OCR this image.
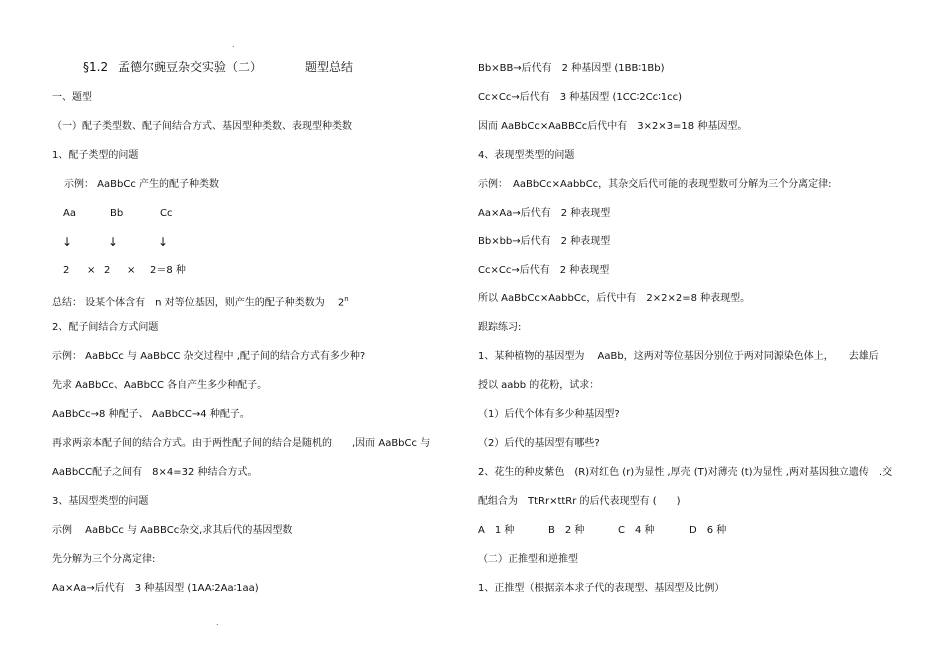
.
.
§1.2 孟德尔豌豆杂交实验（二）	题型总结
一、题型
（一）配子类型数、配子间结合方式、基因型种类数、表现型种类数
1、配子类型的问题
示例： AaBbCc 产生的配子种类数
Aa	Bb	Cc
↓	↓	↓
2 × 2 × 2＝8 种
总结： 设某个体含有　n 对等位基因，则产生的配子种类数为　 2$^n$
2、配子间结合方式问题
示例： AaBbCc 与 AaBbCC 杂交过程中 ,配子间的结合方式有多少种?
先求 AaBbCc、AaBbCC 各自产生多少种配子。
AaBbCc→8 种配子、 AaBbCC→4 种配子。
再求两亲本配子间的结合方式。由于两性配子间的结合是随机的　　,因而 AaBbCc 与
AaBbCC配子之间有　8×4=32 种结合方式。
3、基因型类型的问题
示例　 AaBbCc 与 AaBBCc杂交,求其后代的基因型数
先分解为三个分离定律:
Aa×Aa→后代有　3 种基因型 (1AA∶2Aa∶1aa)
Bb×BB→后代有　2 种基因型 (1BB∶1Bb)
Cc×Cc→后代有　3 种基因型 (1CC∶2Cc∶1cc)
因而 AaBbCc×AaBBCc后代中有　3×2×3=18 种基因型。
4、表现型类型的问题
示例：　AaBbCc×AabbCc，其杂交后代可能的表现型数可分解为三个分离定律:
Aa×Aa→后代有　2 种表现型
Bb×bb→后代有　2 种表现型
Cc×Cc→后代有　2 种表现型
所以 AaBbCc×AabbCc，后代中有　2×2×2=8 种表现型。
跟踪练习:
1、某种植物的基因型为　 AaBb，这两对等位基因分别位于两对同源染色体上，　　去雄后
授以 aabb 的花粉，试求：
（1）后代个体有多少种基因型?
（2）后代的基因型有哪些?
2、花生的种皮紫色　(R)对红色 (r)为显性 ,厚壳 (T)对薄壳 (t)为显性 ,两对基因独立遗传　.交
配组合为　TtRr×ttRr 的后代表现型有 (　　)
A　1 种	B　2 种	C　4 种	D　6 种
（二）正推型和逆推型
1、正推型（根据亲本求子代的表现型、基因型及比例）
